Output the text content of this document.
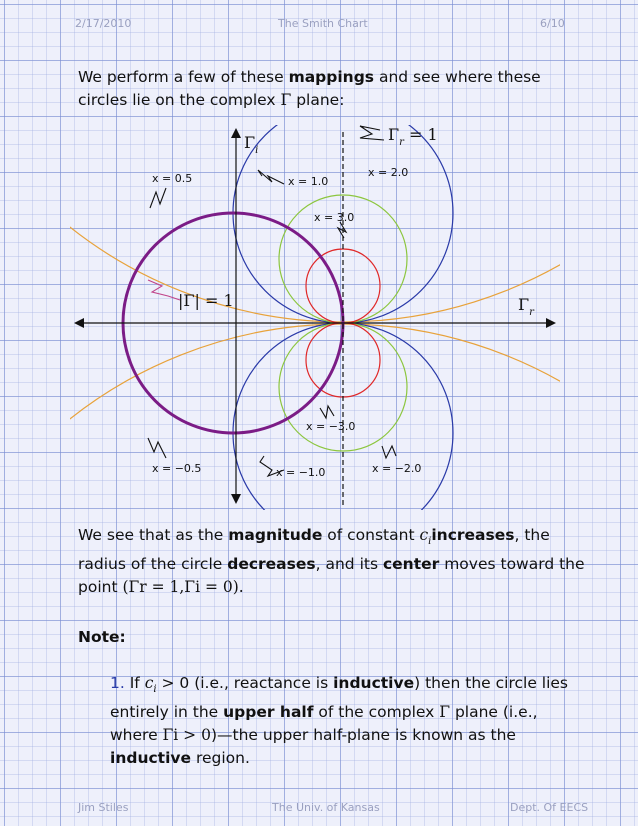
2/17/2010	The Smith Chart	6/10
We perform a few of these mappings and see where these
circles lie on the complex Γ plane:
$\Gamma_i$
$\Gamma_r$
$\Gamma_r = 1$
|Γ| = 1
x = 0.5	x = 1.0
x = 2.0
x = 3.0
x = −0.5	x = −1.0	x = −2.0
x = −3.0
We see that as the magnitude of constant $c_iincreases$, the
radius of the circle decreases, and its center moves toward the
point (Γr = 1,Γi = 0).
Note:
1. If $c_i > 0$ (i.e., reactance is inductive) then the circle lies
entirely in the upper half of the complex Γ plane (i.e.,
where Γi > 0)—the upper half-plane is known as the
inductive region.
Jim Stiles	The Univ. of Kansas	Dept. Of EECS
